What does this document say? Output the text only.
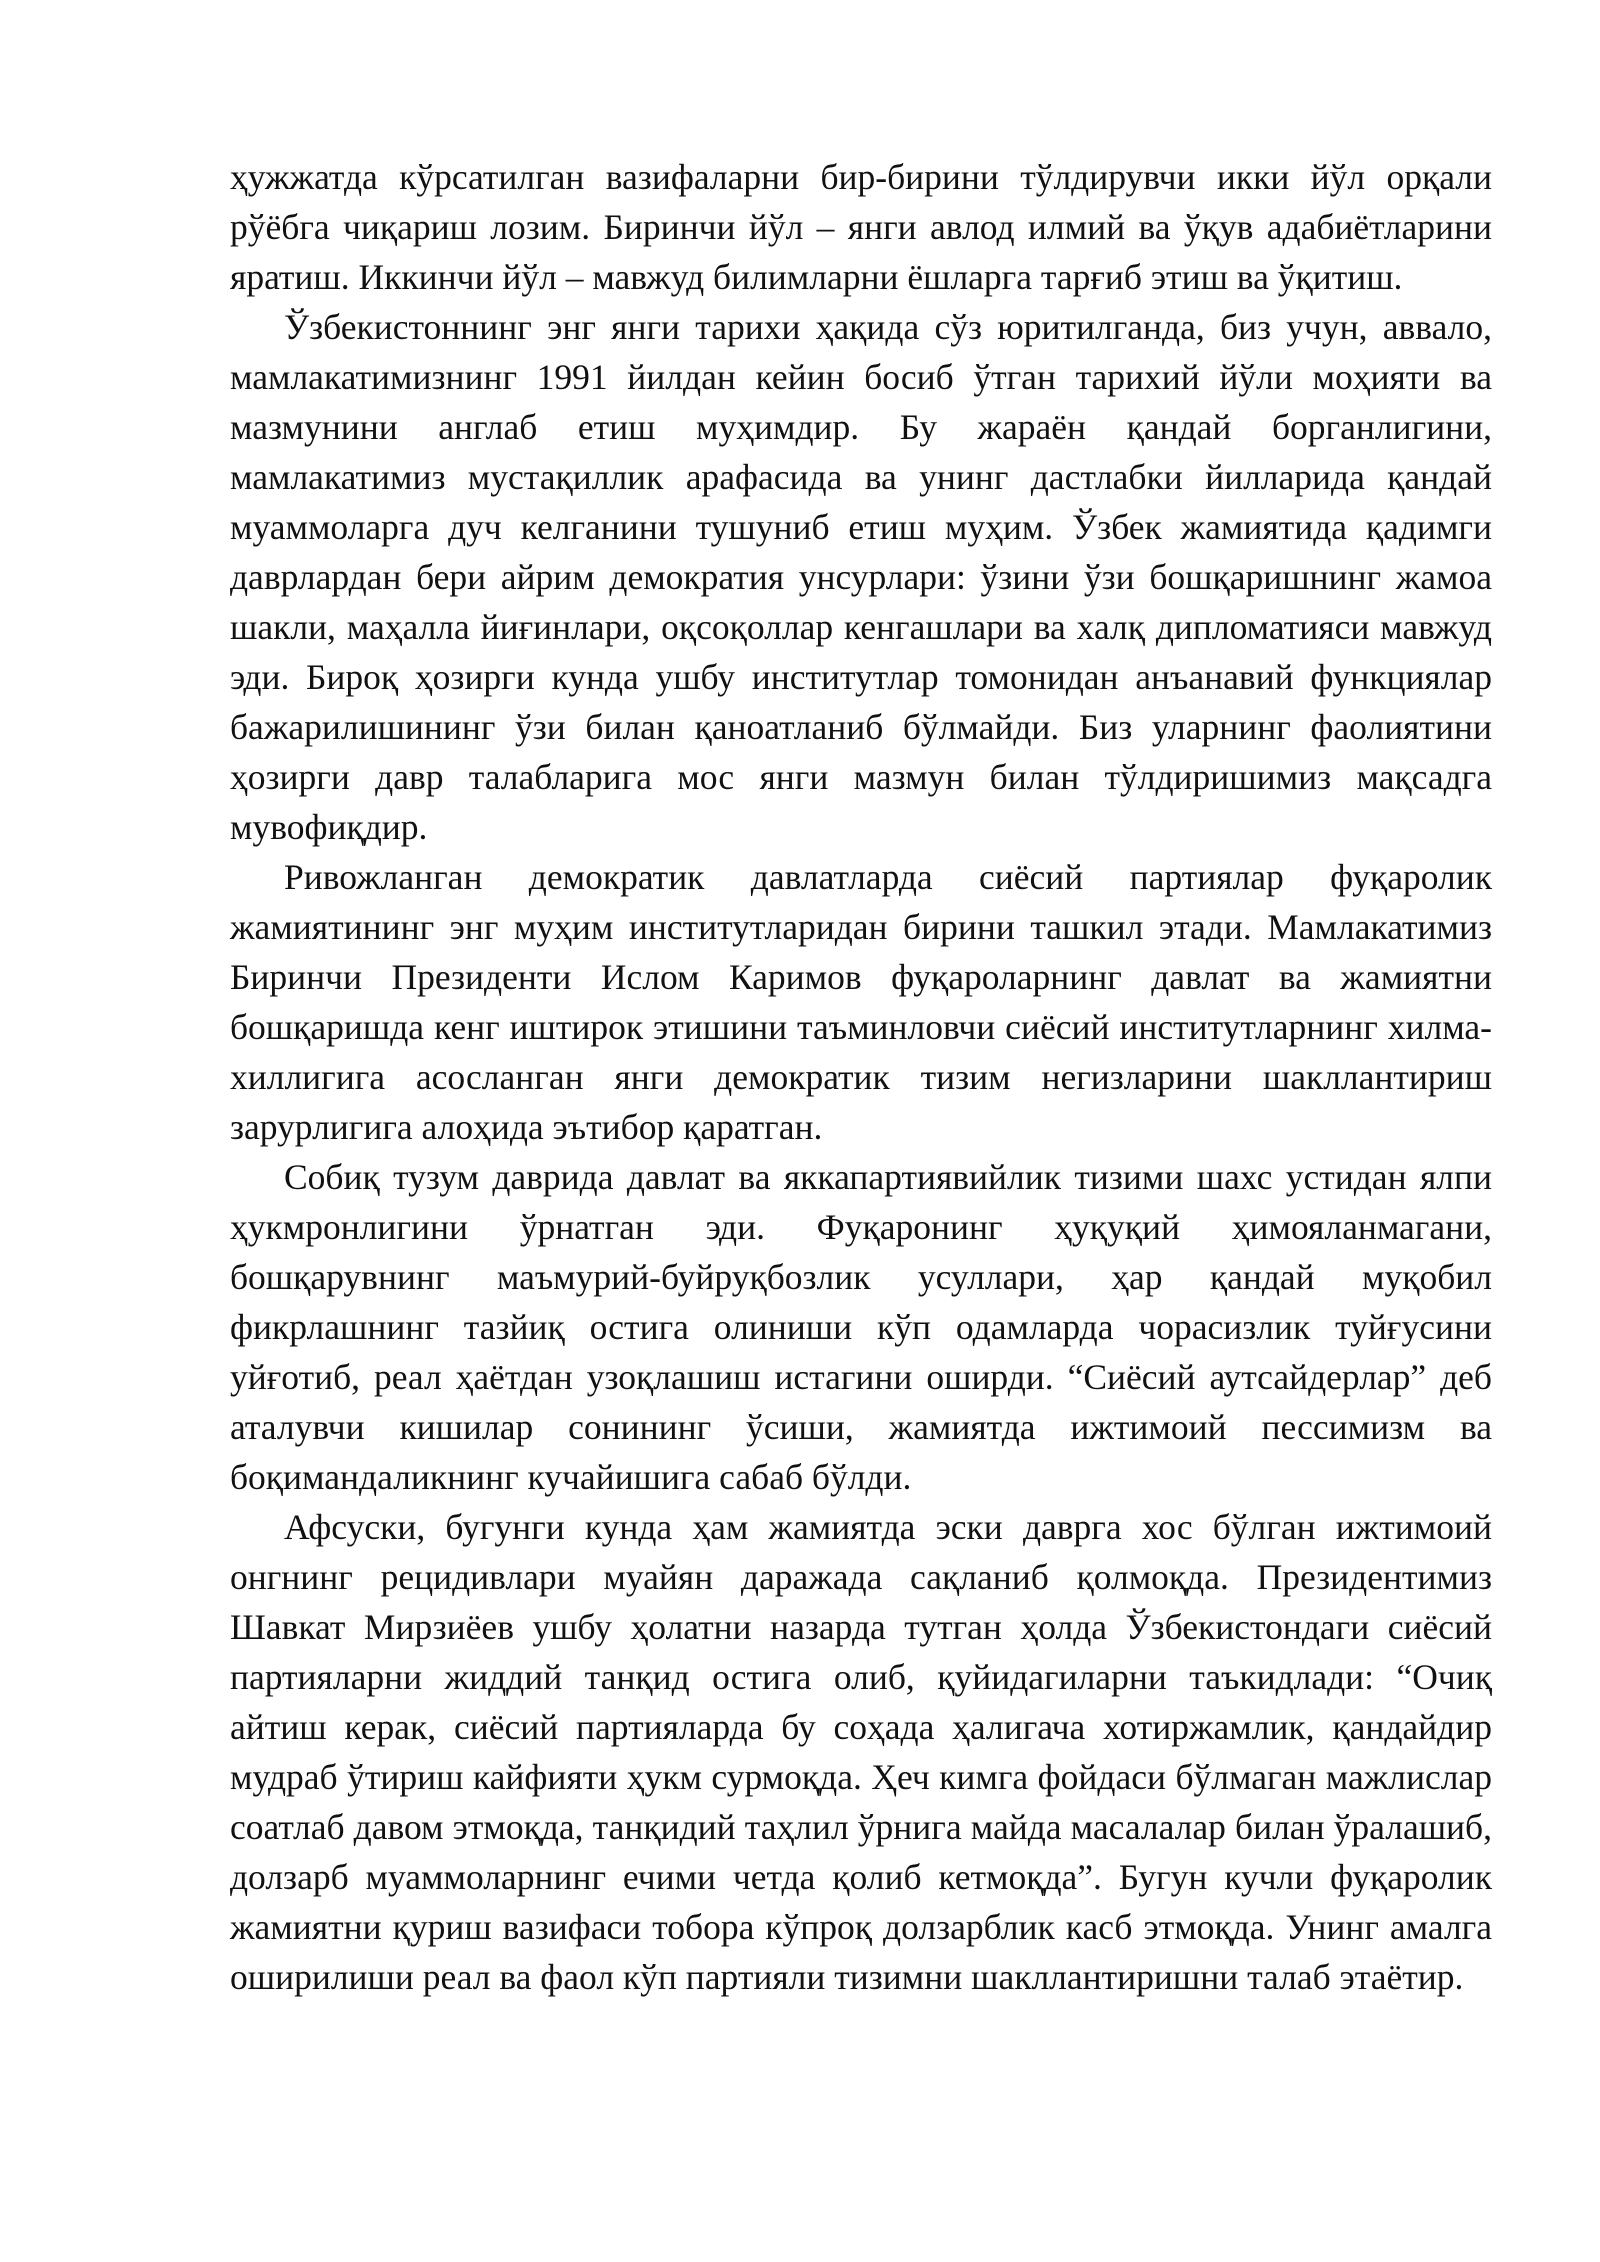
ҳужжатда кўрсатилган вазифаларни бир-бирини тўлдирувчи икки йўл орқали рўёбга чиқариш лозим. Биринчи йўл – янги авлод илмий ва ўқув адабиётларини яратиш. Иккинчи йўл – мавжуд билимларни ёшларга тарғиб этиш ва ўқитиш.

Ўзбекистоннинг энг янги тарихи ҳақида сўз юритилганда, биз учун, аввало, мамлакатимизнинг 1991 йилдан кейин босиб ўтган тарихий йўли моҳияти ва мазмунини англаб етиш муҳимдир. Бу жараён қандай борганлигини, мамлакатимиз мустақиллик арафасида ва унинг дастлабки йилларида қандай муаммоларга дуч келганини тушуниб етиш муҳим. Ўзбек жамиятида қадимги даврлардан бери айрим демократия унсурлари: ўзини ўзи бошқаришнинг жамоа шакли, маҳалла йиғинлари, оқсоқоллар кенгашлари ва халқ дипломатияси мавжуд эди. Бироқ ҳозирги кунда ушбу институтлар томонидан анъанавий функциялар бажарилишининг ўзи билан қаноатланиб бўлмайди. Биз уларнинг фаолиятини ҳозирги давр талабларига мос янги мазмун билан тўлдиришимиз мақсадга мувофиқдир.

Ривожланган демократик давлатларда сиёсий партиялар фуқаролик жамиятининг энг муҳим институтларидан бирини ташкил этади. Мамлакатимиз Биринчи Президенти Ислом Каримов фуқароларнинг давлат ва жамиятни бошқаришда кенг иштирок этишини таъминловчи сиёсий институтларнинг хилма-хиллигига асосланган янги демократик тизим негизларини шакллантириш зарурлигига алоҳида эътибор қаратган.

Собиқ тузум даврида давлат ва яккапартиявийлик тизими шахс устидан ялпи ҳукмронлигини ўрнатган эди. Фуқаронинг ҳуқуқий ҳимояланмагани, бошқарувнинг маъмурий-буйруқбозлик усуллари, ҳар қандай муқобил фикрлашнинг тазйиқ остига олиниши кўп одамларда чорасизлик туйғусини уйғотиб, реал ҳаётдан узоқлашиш истагини оширди. “Сиёсий аутсайдерлар” деб аталувчи кишилар сонининг ўсиши, жамиятда ижтимоий пессимизм ва боқимандаликнинг кучайишига сабаб бўлди.

Афсуски, бугунги кунда ҳам жамиятда эски даврга хос бўлган ижтимоий онгнинг рецидивлари муайян даражада сақланиб қолмоқда. Президентимиз Шавкат Мирзиёев ушбу ҳолатни назарда тутган ҳолда Ўзбекистондаги сиёсий партияларни жиддий танқид остига олиб, қуйидагиларни таъкидлади: “Очиқ айтиш керак, сиёсий партияларда бу соҳада ҳалигача хотиржамлик, қандайдир мудраб ўтириш кайфияти ҳукм сурмоқда. Ҳеч кимга фойдаси бўлмаган мажлислар соатлаб давом этмоқда, танқидий таҳлил ўрнига майда масалалар билан ўралашиб, долзарб муаммоларнинг ечими четда қолиб кетмоқда”. Бугун кучли фуқаролик жамиятни қуриш вазифаси тобора кўпроқ долзарблик касб этмоқда. Унинг амалга оширилиши реал ва фаол кўп партияли тизимни шакллантиришни талаб этаётир.
